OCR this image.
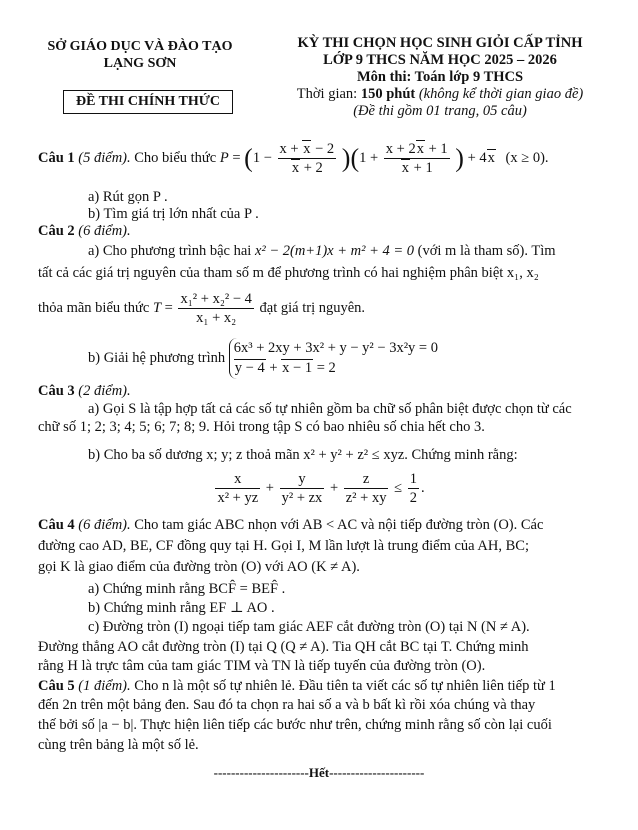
SỞ GIÁO DỤC VÀ ĐÀO TẠO
LẠNG SƠN
ĐỀ THI CHÍNH THỨC
KỲ THI CHỌN HỌC SINH GIỎI CẤP TỈNH
LỚP 9 THCS NĂM HỌC 2025 – 2026
Môn thi: Toán lớp 9 THCS
Thời gian: 150 phút (không kể thời gian giao đề)
(Đề thi gồm 01 trang, 05 câu)
Câu 1 (5 điểm). Cho biểu thức $P = (1 - \frac{x + x - 2}{x + 2} )(1 + \frac{x + 2x + 1}{x + 1}$ ) + 4x (x ≥ 0).
a) Rút gọn P .
b) Tìm giá trị lớn nhất của P .
Câu 2 (6 điểm).
a) Cho phương trình bậc hai x² − 2(m+1)x + m² + 4 = 0 (với m là tham số). Tìm
tất cả các giá trị nguyên của tham số m để phương trình có hai nghiệm phân biệt x₁, x₂
thỏa mãn biểu thức $T = \frac{\text{x₁² + x₂² − 4}}{\text{x₁ + x₂}}$ đạt giá trị nguyên.
b) Giải hệ phương trình 6x³ + 2xy + 3x² + y − y² − 3x²y = 0
y − 4 + x − 1 = 2
Câu 3 (2 điểm).
a) Gọi S là tập hợp tất cả các số tự nhiên gồm ba chữ số phân biệt được chọn từ các
chữ số 1; 2; 3; 4; 5; 6; 7; 8; 9. Hỏi trong tập S có bao nhiêu số chia hết cho 3.
b) Cho ba số dương x; y; z thoả mãn x² + y² + z² ≤ xyz. Chứng minh rằng:
$\frac{x}{\text{x² + yz}} + \frac{y}{\text{y² + zx}} + \frac{z}{\text{z² + xy}} \le \frac{1}{2}$ .
Câu 4 (6 điểm). Cho tam giác ABC nhọn với AB < AC và nội tiếp đường tròn (O). Các
đường cao AD, BE, CF đồng quy tại H. Gọi I, M lần lượt là trung điểm của AH, BC;
gọi K là giao điểm của đường tròn (O) với AO (K ≠ A).
a) Chứng minh rằng BCF̂ = BEF̂ .
b) Chứng minh rằng EF ⊥ AO .
c) Đường tròn (I) ngoại tiếp tam giác AEF cắt đường tròn (O) tại N (N ≠ A).
Đường thẳng AO cắt đường tròn (I) tại Q (Q ≠ A). Tia QH cắt BC tại T. Chứng minh
rằng H là trực tâm của tam giác TIM và TN là tiếp tuyến của đường tròn (O).
Câu 5 (1 điểm). Cho n là một số tự nhiên lẻ. Đầu tiên ta viết các số tự nhiên liên tiếp từ 1
đến 2n trên một bảng đen. Sau đó ta chọn ra hai số a và b bất kì rồi xóa chúng và thay
thế bởi số |a − b|. Thực hiện liên tiếp các bước như trên, chứng minh rằng số còn lại cuối
cùng trên bảng là một số lẻ.
----------------------Hết----------------------
